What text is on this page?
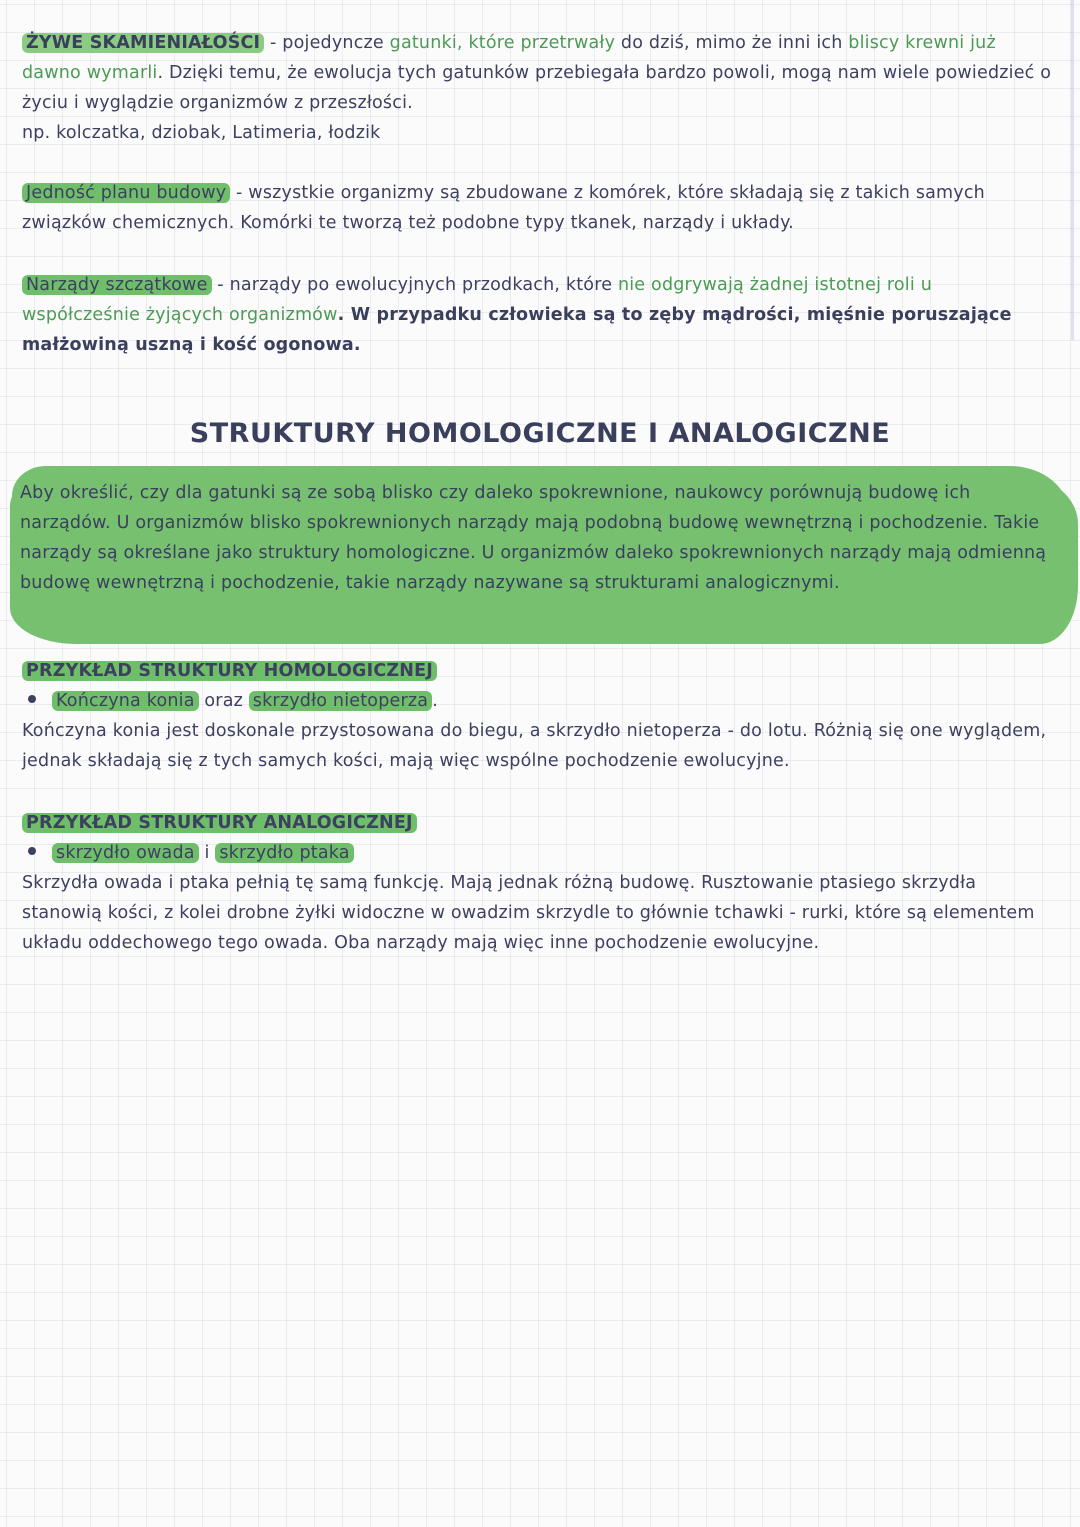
ŻYWE SKAMIENIAŁOŚCI - pojedyncze gatunki, które przetrwały do dziś, mimo że inni ich bliscy krewni już dawno wymarli. Dzięki temu, że ewolucja tych gatunków przebiegała bardzo powoli, mogą nam wiele powiedzieć o życiu i wyglądzie organizmów z przeszłości.
np. kolczatka, dziobak, Latimeria, łodzik
Jedność planu budowy - wszystkie organizmy są zbudowane z komórek, które składają się z takich samych związków chemicznych. Komórki te tworzą też podobne typy tkanek, narządy i układy.
Narządy szczątkowe - narządy po ewolucyjnych przodkach, które nie odgrywają żadnej istotnej roli u współcześnie żyjących organizmów. W przypadku człowieka są to zęby mądrości, mięśnie poruszające małżowiną uszną i kość ogonowa.
STRUKTURY HOMOLOGICZNE I ANALOGICZNE
Aby określić, czy dla gatunki są ze sobą blisko czy daleko spokrewnione, naukowcy porównują budowę ich narządów. U organizmów blisko spokrewnionych narządy mają podobną budowę wewnętrzną i pochodzenie. Takie narządy są określane jako struktury homologiczne. U organizmów daleko spokrewnionych narządy mają odmienną budowę wewnętrzną i pochodzenie, takie narządy nazywane są strukturami analogicznymi.
PRZYKŁAD STRUKTURY HOMOLOGICZNEJ
Kończyna konia oraz skrzydło nietoperza .
Kończyna konia jest doskonale przystosowana do biegu, a skrzydło nietoperza - do lotu. Różnią się one wyglądem, jednak składają się z tych samych kości, mają więc wspólne pochodzenie ewolucyjne.
PRZYKŁAD STRUKTURY ANALOGICZNEJ
skrzydło owada i skrzydło ptaka
Skrzydła owada i ptaka pełnią tę samą funkcję. Mają jednak różną budowę. Rusztowanie ptasiego skrzydła stanowią kości, z kolei drobne żyłki widoczne w owadzim skrzydle to głównie tchawki - rurki, które są elementem układu oddechowego tego owada. Oba narządy mają więc inne pochodzenie ewolucyjne.
